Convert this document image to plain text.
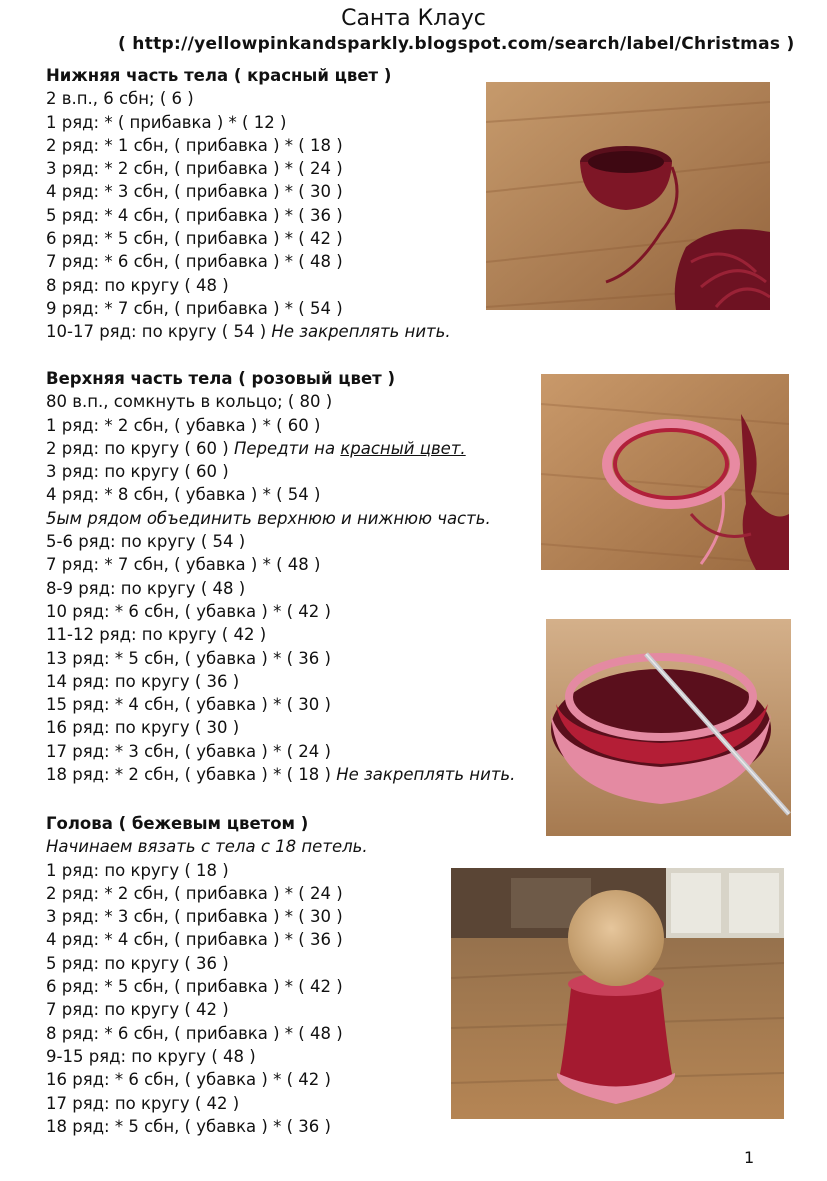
Санта Клаус
( http://yellowpinkandsparkly.blogspot.com/search/label/Christmas )
Нижняя часть тела ( красный цвет )
2 в.п., 6 сбн; ( 6 )
1 ряд: * ( прибавка ) * ( 12 )
2 ряд: * 1 сбн, ( прибавка ) * ( 18 )
3 ряд: * 2 сбн, ( прибавка ) * ( 24 )
4 ряд: * 3 сбн, ( прибавка ) * ( 30 )
5 ряд: * 4 сбн, ( прибавка ) * ( 36 )
6 ряд: * 5 сбн, ( прибавка ) * ( 42 )
7 ряд: * 6 сбн, ( прибавка ) * ( 48 )
8 ряд: по кругу ( 48 )
9 ряд: * 7 сбн, ( прибавка ) * ( 54 )
10-17 ряд: по кругу ( 54 ) Не закреплять нить.
Верхняя часть тела ( розовый цвет )
80 в.п., сомкнуть в кольцо; ( 80 )
1 ряд: * 2 сбн, ( убавка ) * ( 60 )
2 ряд: по кругу ( 60 ) Передти на красный цвет.
3 ряд: по кругу ( 60 )
4 ряд: * 8 сбн, ( убавка ) * ( 54 )
5ым рядом объединить верхнюю и нижнюю часть.
5-6 ряд: по кругу ( 54 )
7 ряд: * 7 сбн, ( убавка ) * ( 48 )
8-9 ряд: по кругу ( 48 )
10 ряд: * 6 сбн, ( убавка ) * ( 42 )
11-12 ряд: по кругу ( 42 )
13 ряд: * 5 сбн, ( убавка ) * ( 36 )
14 ряд: по кругу ( 36 )
15 ряд: * 4 сбн, ( убавка ) * ( 30 )
16 ряд: по кругу ( 30 )
17 ряд: * 3 сбн, ( убавка ) * ( 24 )
18 ряд: * 2 сбн, ( убавка ) * ( 18 ) Не закреплять нить.
Голова ( бежевым цветом )
Начинаем вязать с тела с 18 петель.
1 ряд: по кругу ( 18 )
2 ряд: * 2 сбн, ( прибавка ) * ( 24 )
3 ряд: * 3 сбн, ( прибавка ) * ( 30 )
4 ряд: * 4 сбн, ( прибавка ) * ( 36 )
5 ряд: по кругу ( 36 )
6 ряд: * 5 сбн, ( прибавка ) * ( 42 )
7 ряд: по кругу ( 42 )
8 ряд: * 6 сбн, ( прибавка ) * ( 48 )
9-15 ряд: по кругу ( 48 )
16 ряд: * 6 сбн, ( убавка ) * ( 42 )
17 ряд: по кругу ( 42 )
18 ряд: * 5 сбн, ( убавка ) * ( 36 )
1
